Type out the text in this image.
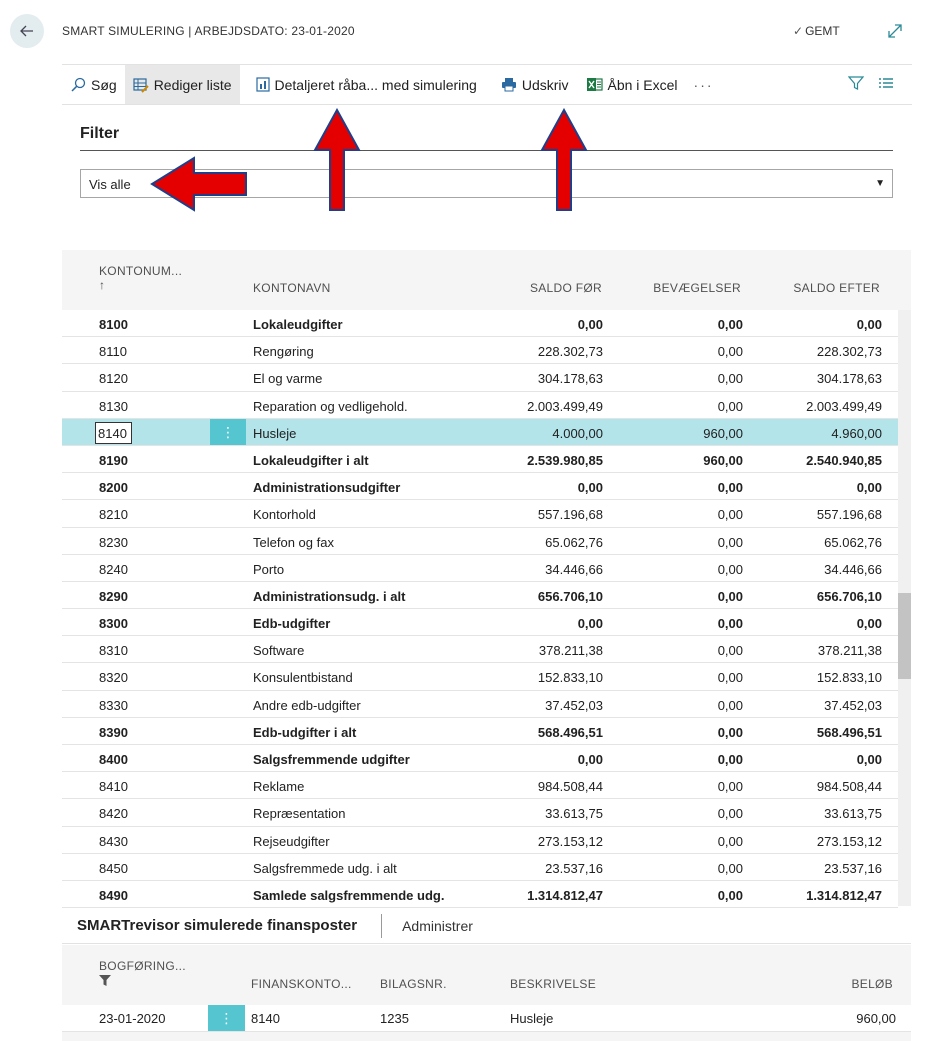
SMART SIMULERING | ARBEJDSDATO: 23-01-2020	✓ GEMT
Søg	Rediger liste	Detaljeret råba... med simulering	Udskriv	Åbn i Excel	···
Filter
Vis alle	▼
KONTONUM...
↑	KONTONAVN	SALDO FØR	BEVÆGELSER	SALDO EFTER
8100	Lokaleudgifter	0,00	0,00	0,00
8110	Rengøring	228.302,73	0,00	228.302,73
8120	El og varme	304.178,63	0,00	304.178,63
8130	Reparation og vedligehold.	2.003.499,49	0,00	2.003.499,49
⋮
8140	Husleje	4.000,00	960,00	4.960,00
8190	Lokaleudgifter i alt	2.539.980,85	960,00	2.540.940,85
8200	Administrationsudgifter	0,00	0,00	0,00
8210	Kontorhold	557.196,68	0,00	557.196,68
8230	Telefon og fax	65.062,76	0,00	65.062,76
8240	Porto	34.446,66	0,00	34.446,66
8290	Administrationsudg. i alt	656.706,10	0,00	656.706,10
8300	Edb-udgifter	0,00	0,00	0,00
8310	Software	378.211,38	0,00	378.211,38
8320	Konsulentbistand	152.833,10	0,00	152.833,10
8330	Andre edb-udgifter	37.452,03	0,00	37.452,03
8390	Edb-udgifter i alt	568.496,51	0,00	568.496,51
8400	Salgsfremmende udgifter	0,00	0,00	0,00
8410	Reklame	984.508,44	0,00	984.508,44
8420	Repræsentation	33.613,75	0,00	33.613,75
8430	Rejseudgifter	273.153,12	0,00	273.153,12
8450	Salgsfremmede udg. i alt	23.537,16	0,00	23.537,16
8490	Samlede salgsfremmende udg.	1.314.812,47	0,00	1.314.812,47
SMARTrevisor simulerede finansposter	Administrer
BOGFØRING...
FINANSKONTO... BILAGSNR.	BESKRIVELSE	BELØB
23-01-2020	⋮	8140	1235	Husleje	960,00
